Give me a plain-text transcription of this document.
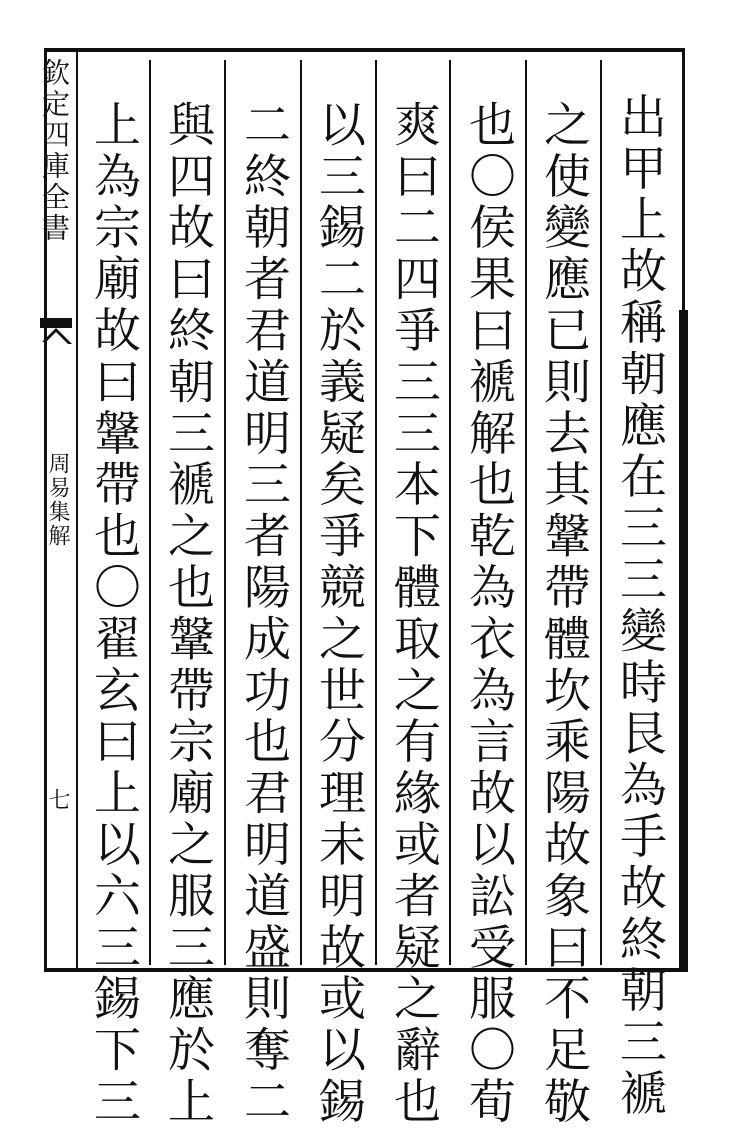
欽定四庫全書
周易集解
七	出甲上故稱朝應在三三變時艮為手故終朝三褫
之使變應已則去其鞶帶體坎乘陽故象曰不足敬
也〇侯果曰褫解也乾為衣為言故以訟受服〇荀
爽曰二四爭三三本下體取之有緣或者疑之辭也
以三錫二於義疑矣爭競之世分理未明故或以錫
二終朝者君道明三者陽成功也君明道盛則奪二
與四故曰終朝三褫之也鞶帶宗廟之服三應於上
上為宗廟故曰鞶帶也〇翟玄曰上以六三錫下三
